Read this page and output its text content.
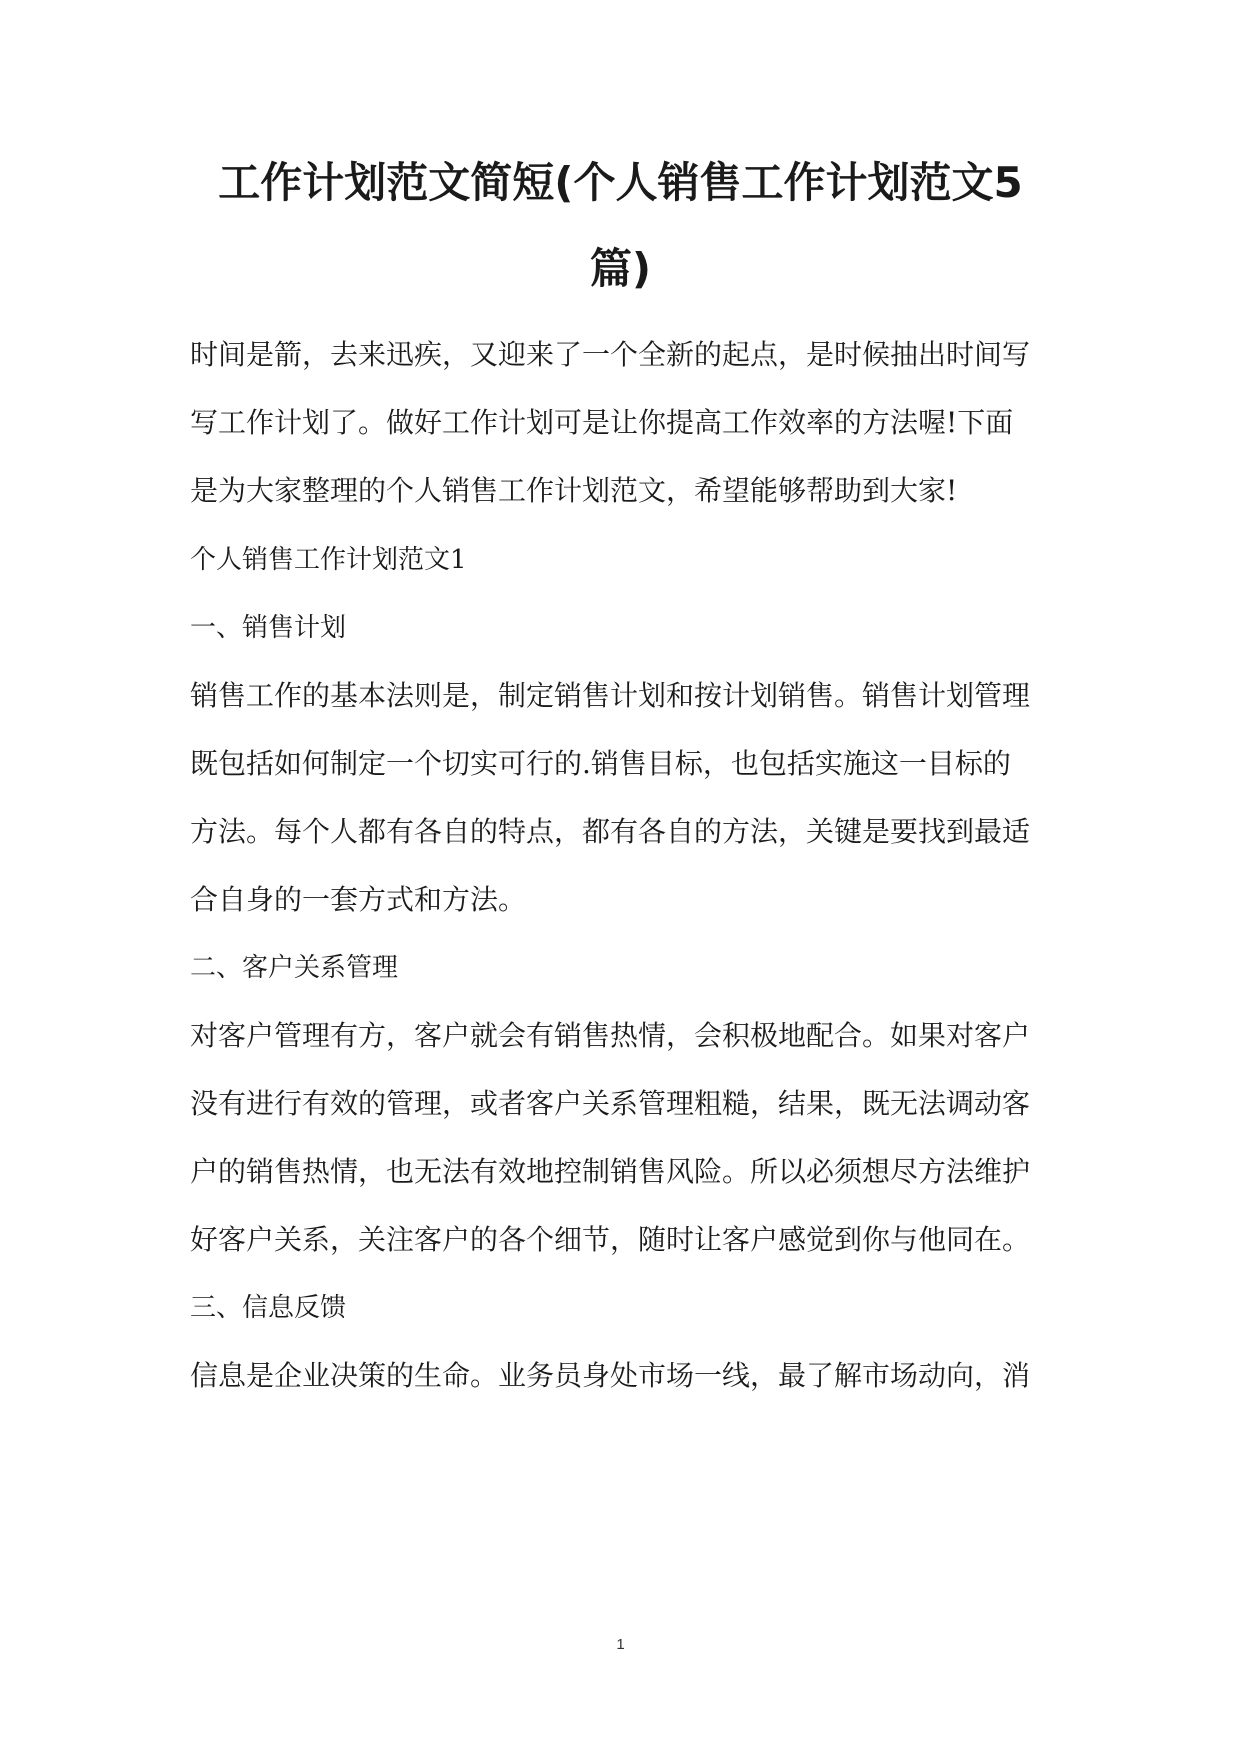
工作计划范文简短(个人销售工作计划范文5
篇)

时间是箭，去来迅疾，又迎来了一个全新的起点，是时候抽出时间写

写工作计划了。做好工作计划可是让你提高工作效率的方法喔!下面

是为大家整理的个人销售工作计划范文，希望能够帮助到大家!

个人销售工作计划范文1

一、销售计划

销售工作的基本法则是，制定销售计划和按计划销售。销售计划管理

既包括如何制定一个切实可行的.销售目标，也包括实施这一目标的

方法。每个人都有各自的特点，都有各自的方法，关键是要找到最适

合自身的一套方式和方法。

二、客户关系管理

对客户管理有方，客户就会有销售热情，会积极地配合。如果对客户

没有进行有效的管理，或者客户关系管理粗糙，结果，既无法调动客

户的销售热情，也无法有效地控制销售风险。所以必须想尽方法维护

好客户关系，关注客户的各个细节，随时让客户感觉到你与他同在。

三、信息反馈

信息是企业决策的生命。业务员身处市场一线，最了解市场动向，消

1
